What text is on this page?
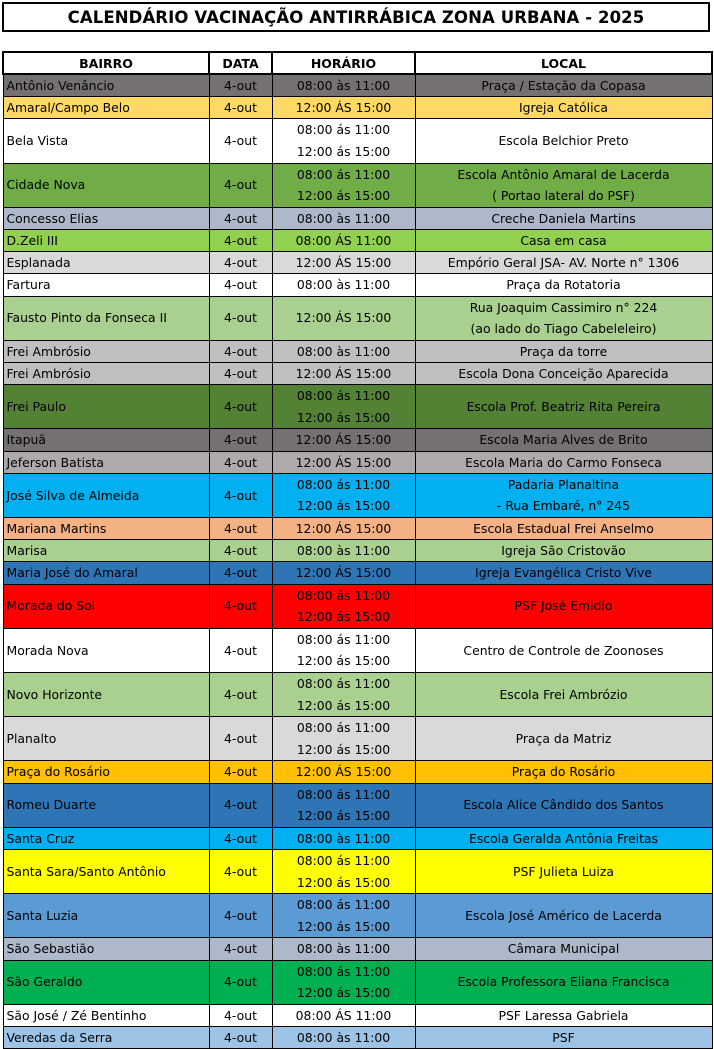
CALENDÁRIO VACINAÇÃO ANTIRRÁBICA ZONA URBANA - 2025
BAIRRO	DATA	HORÁRIO	LOCAL
Antônio Venâncio	4-out	08:00 às 11:00	Praça / Estação da Copasa

Amaral/Campo Belo	4-out	12:00 ÁS 15:00	Igreja Católica

Bela Vista	4-out	08:00 ás 11:00
12:00 ás 15:00	Escola Belchior Preto

Cidade Nova	4-out	08:00 ás 11:00
12:00 ás 15:00	Escola Antônio Amaral de Lacerda
( Portao lateral do PSF)

Concesso Elias	4-out	08:00 às 11:00	Creche Daniela Martins

D.Zeli III	4-out	08:00 ÁS 11:00	Casa em casa

Esplanada	4-out	12:00 ÁS 15:00	Empório Geral JSA- AV. Norte n° 1306

Fartura	4-out	08:00 às 11:00	Praça da Rotatoria

Fausto Pinto da Fonseca II	4-out	12:00 ÁS 15:00	Rua Joaquim Cassimiro n° 224
(ao lado do Tiago Cabeleleiro)

Frei Ambrósio	4-out	08:00 às 11:00	Praça da torre

Frei Ambrósio	4-out	12:00 ÁS 15:00	Escola Dona Conceição Aparecida

Frei Paulo	4-out	08:00 ás 11:00
12:00 ás 15:00	Escola Prof. Beatriz Rita Pereira

Itapuã	4-out	12:00 ÁS 15:00	Escola Maria Alves de Brito

Jeferson Batista	4-out	12:00 ÁS 15:00	Escola Maria do Carmo Fonseca

José Silva de Almeida	4-out	08:00 ás 11:00
12:00 ás 15:00	Padaria Planaltina
- Rua Embaré, n° 245

Mariana Martins	4-out	12:00 ÁS 15:00	Escola Estadual Frei Anselmo

Marisa	4-out	08:00 às 11:00	Igreja São Cristovão

Maria José do Amaral	4-out	12:00 ÁS 15:00	Igreja Evangélica Cristo Vive

Morada do Sol	4-out	08:00 ás 11:00
12:00 ás 15:00	PSF José Emidio

Morada Nova	4-out	08:00 ás 11:00
12:00 ás 15:00	Centro de Controle de Zoonoses

Novo Horizonte	4-out	08:00 ás 11:00
12:00 ás 15:00	Escola Frei Ambrózio

Planalto	4-out	08:00 ás 11:00
12:00 ás 15:00	Praça da Matriz

Praça do Rosário	4-out	12:00 ÁS 15:00	Praça do Rosário

Romeu Duarte	4-out	08:00 ás 11:00
12:00 ás 15:00	Escola Alice Cândido dos Santos

Santa Cruz	4-out	08:00 às 11:00	Escola Geralda Antônia Freitas

Santa Sara/Santo Antônio	4-out	08:00 ás 11:00
12:00 ás 15:00	PSF Julieta Luiza

Santa Luzia	4-out	08:00 ás 11:00
12:00 ás 15:00	Escola José Américo de Lacerda

São Sebastião	4-out	08:00 às 11:00	Câmara Municipal

São Geraldo	4-out	08:00 ás 11:00
12:00 ás 15:00	Escola Professora Eliana Francisca

São José / Zé Bentinho	4-out	08:00 ÁS 11:00	PSF Laressa Gabriela

Veredas da Serra	4-out	08:00 às 11:00	PSF
